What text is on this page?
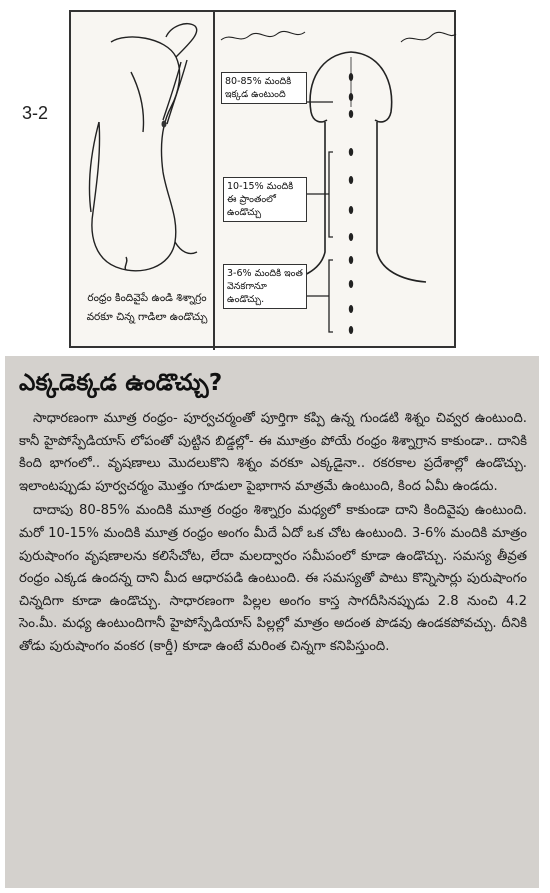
3-2
80-85% మందికి ఇక్కడ ఉంటుంది
10-15% మందికి ఈ ప్రాంతంలో ఉండొచ్చు
3-6% మందికి ఇంత వెనకగానూ ఉండొచ్చు.
రంధ్రం కిందివైపే ఉండి శిశ్నాగ్రం వరకూ చిన్న గాడిలా ఉండొచ్చు
ఎక్కడెక్కడ ఉండొచ్చు?

సాధారణంగా మూత్ర రంధ్రం- పూర్వచర్మంతో పూర్తిగా కప్పి ఉన్న గుండటి శిశ్నం చివ్వర ఉంటుంది. కానీ హైపోస్పేడియాస్ లోపంతో పుట్టిన బిడ్డల్లో- ఈ మూత్రం పోయే రంధ్రం శిశ్నాగ్రాన కాకుండా.. దానికి కింది భాగంలో.. వృషణాలు మొదలుకొని శిశ్నం వరకూ ఎక్కడైనా.. రకరకాల ప్రదేశాల్లో ఉండొచ్చు. ఇలాంటప్పుడు పూర్వచర్మం మొత్తం గూడులా పైభాగాన మాత్రమే ఉంటుంది, కింద ఏమీ ఉండదు.

దాదాపు 80-85% మందికి మూత్ర రంధ్రం శిశ్నాగ్రం మధ్యలో కాకుండా దాని కిందివైపు ఉంటుంది. మరో 10-15% మందికి మూత్ర రంధ్రం అంగం మీదే ఏదో ఒక చోట ఉంటుంది. 3-6% మందికి మాత్రం పురుషాంగం వృషణాలను కలిసేచోట, లేదా మలద్వారం సమీపంలో కూడా ఉండొచ్చు. సమస్య తీవ్రత రంధ్రం ఎక్కడ ఉందన్న దాని మీద ఆధారపడి ఉంటుంది. ఈ సమస్యతో పాటు కొన్నిసార్లు పురుషాంగం చిన్నదిగా కూడా ఉండొచ్చు. సాధారణంగా పిల్లల అంగం కాస్త సాగదీసినప్పుడు 2.8 నుంచి 4.2 సెం.మీ. మధ్య ఉంటుందిగానీ హైపోస్పేడియాస్ పిల్లల్లో మాత్రం అదంత పొడవు ఉండకపోవచ్చు. దీనికి తోడు పురుషాంగం వంకర (కార్డీ) కూడా ఉంటే మరింత చిన్నగా కనిపిస్తుంది.
